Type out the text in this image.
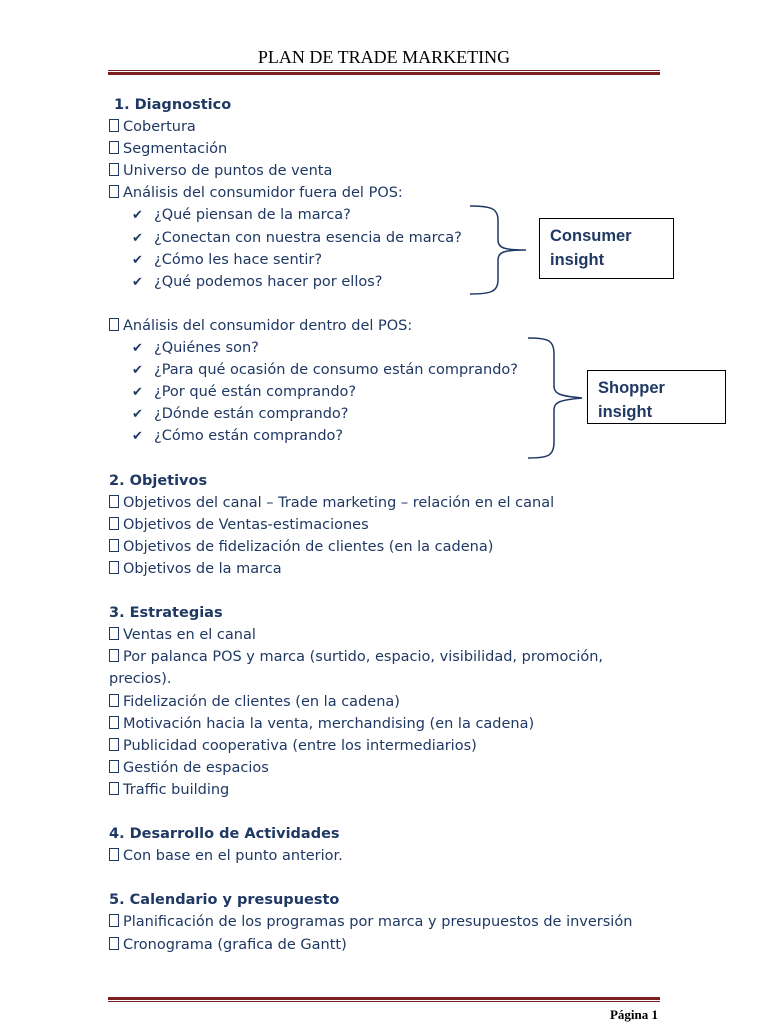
PLAN DE TRADE MARKETING
1. Diagnostico
Cobertura
Segmentación
Universo de puntos de venta
Análisis del consumidor fuera del POS:
✔ ¿Qué piensan de la marca?
✔ ¿Conectan con nuestra esencia de marca?
✔ ¿Cómo les hace sentir?
✔ ¿Qué podemos hacer por ellos?
Análisis del consumidor dentro del POS:
✔ ¿Quiénes son?
✔ ¿Para qué ocasión de consumo están comprando?
✔ ¿Por qué están comprando?
✔ ¿Dónde están comprando?
✔ ¿Cómo están comprando?
2. Objetivos
Objetivos del canal – Trade marketing – relación en el canal
Objetivos de Ventas-estimaciones
Objetivos de fidelización de clientes (en la cadena)
Objetivos de la marca
3. Estrategias
Ventas en el canal
Por palanca POS y marca (surtido, espacio, visibilidad, promoción, precios).
Fidelización de clientes (en la cadena)
Motivación hacia la venta, merchandising (en la cadena)
Publicidad cooperativa (entre los intermediarios)
Gestión de espacios
Traffic building
4. Desarrollo de Actividades
Con base en el punto anterior.
5. Calendario y presupuesto
Planificación de los programas por marca y presupuestos de inversión
Cronograma (grafica de Gantt)
Consumer insight
Shopper insight
Página 1
